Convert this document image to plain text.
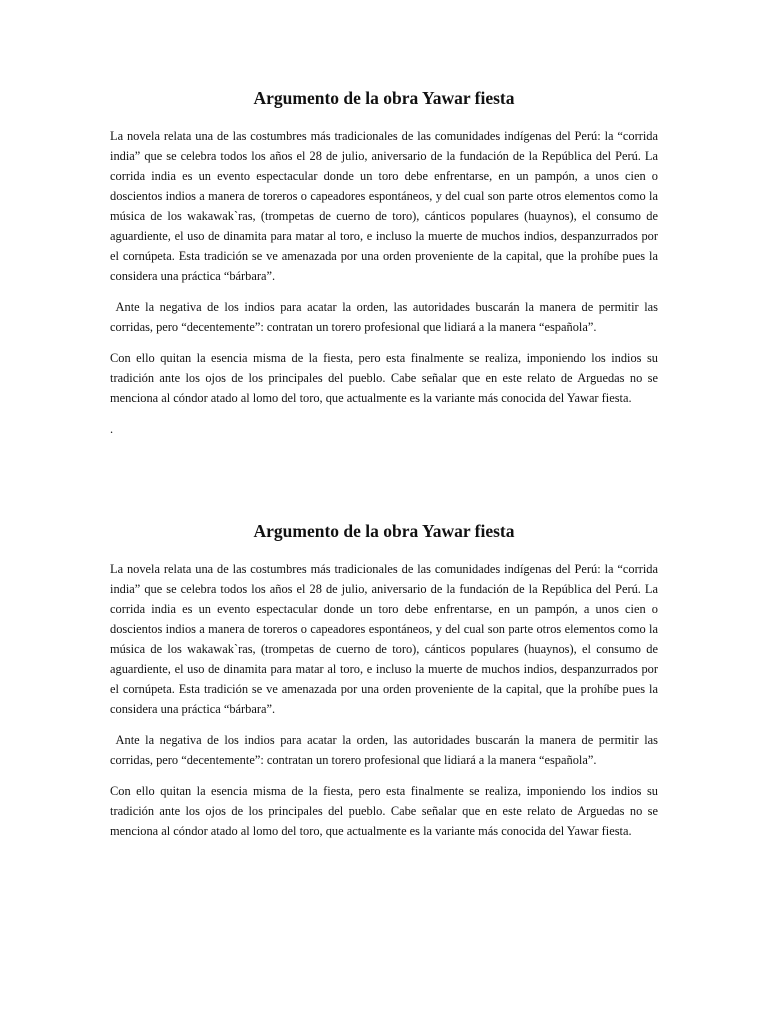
Argumento de la obra Yawar fiesta

La novela relata una de las costumbres más tradicionales de las comunidades indígenas del Perú: la “corrida india” que se celebra todos los años el 28 de julio, aniversario de la fundación de la República del Perú. La corrida india es un evento espectacular donde un toro debe enfrentarse, en un pampón, a unos cien o doscientos indios a manera de toreros o capeadores espontáneos, y del cual son parte otros elementos como la música de los wakawak`ras, (trompetas de cuerno de toro), cánticos populares (huaynos), el consumo de aguardiente, el uso de dinamita para matar al toro, e incluso la muerte de muchos indios, despanzurrados por el cornúpeta. Esta tradición se ve amenazada por una orden proveniente de la capital, que la prohíbe pues la considera una práctica “bárbara”.

Ante la negativa de los indios para acatar la orden, las autoridades buscarán la manera de permitir las corridas, pero “decentemente”: contratan un torero profesional que lidiará a la manera “española”.

Con ello quitan la esencia misma de la fiesta, pero esta finalmente se realiza, imponiendo los indios su tradición ante los ojos de los principales del pueblo. Cabe señalar que en este relato de Arguedas no se menciona al cóndor atado al lomo del toro, que actualmente es la variante más conocida del Yawar fiesta.

.

Argumento de la obra Yawar fiesta

La novela relata una de las costumbres más tradicionales de las comunidades indígenas del Perú: la “corrida india” que se celebra todos los años el 28 de julio, aniversario de la fundación de la República del Perú. La corrida india es un evento espectacular donde un toro debe enfrentarse, en un pampón, a unos cien o doscientos indios a manera de toreros o capeadores espontáneos, y del cual son parte otros elementos como la música de los wakawak`ras, (trompetas de cuerno de toro), cánticos populares (huaynos), el consumo de aguardiente, el uso de dinamita para matar al toro, e incluso la muerte de muchos indios, despanzurrados por el cornúpeta. Esta tradición se ve amenazada por una orden proveniente de la capital, que la prohíbe pues la considera una práctica “bárbara”.

Ante la negativa de los indios para acatar la orden, las autoridades buscarán la manera de permitir las corridas, pero “decentemente”: contratan un torero profesional que lidiará a la manera “española”.

Con ello quitan la esencia misma de la fiesta, pero esta finalmente se realiza, imponiendo los indios su tradición ante los ojos de los principales del pueblo. Cabe señalar que en este relato de Arguedas no se menciona al cóndor atado al lomo del toro, que actualmente es la variante más conocida del Yawar fiesta.
